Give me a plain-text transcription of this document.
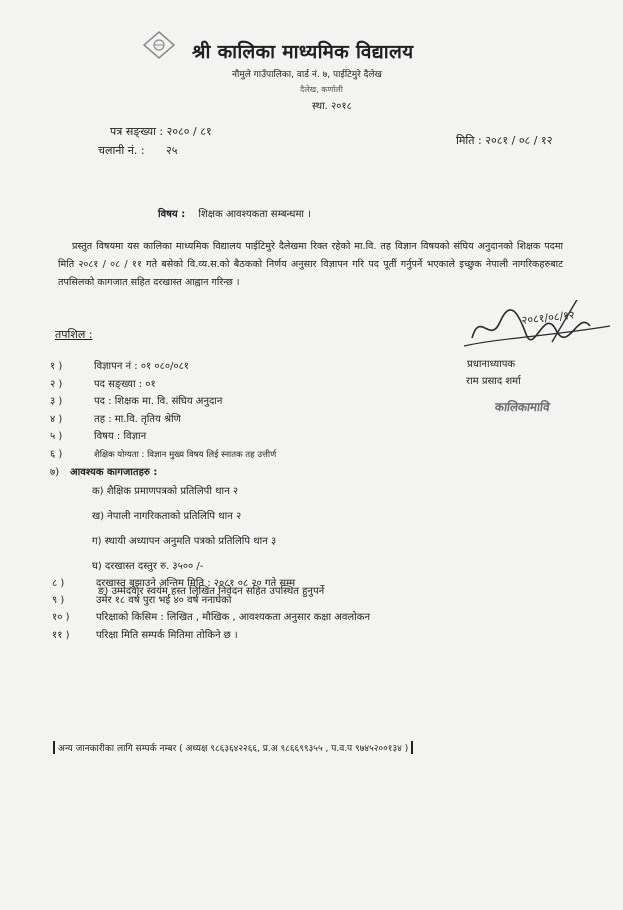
श्री कालिका माध्यमिक विद्यालय
नौमुले गाउँपालिका, वार्ड नं. ७, पाईटिमुरे दैलेख
दैलेख, कर्णाली
स्था. २०१८
पत्र सङ्ख्या : २०८० / ८१
चलानी नं. : २५
मिति : २०८१ / ०८ / १२
विषय : शिक्षक आवश्यकता सम्बन्धमा ।

प्रस्तुत विषयमा यस कालिका माध्यमिक विद्यालय पाईटिमुरे दैलेखमा रिक्त रहेको मा.वि. तह विज्ञान विषयको संघिय अनुदानको शिक्षक पदमा मिति २०८१ / ०८ / ११ गते बसेको वि.व्य.स.को बैठकको निर्णय अनुसार विज्ञापन गरि पद पूर्ती गर्नुपर्ने भएकाले इच्छुक नेपाली नागरिकहरुबाट तपसिलको कागजात सहित दरखास्त आह्वान गरिन्छ ।

तपशिल :
२०८१/०८/१२
प्रधानाध्यापक
राम प्रसाद शर्मा
कालिकामावि
१ )	विज्ञापन नं : ०१ ०८०/०८१
२ )	पद सङ्ख्या : ०१
३ )	पद : शिक्षक मा. वि. संघिय अनुदान
४ )	तह : मा.वि. तृतिय श्रेणि
५ )	विषय : विज्ञान
६ )	शैक्षिक योग्यता : विज्ञान मुख्य विषय लिई स्नातक तह उत्तीर्ण
७) आवश्यक कागजातहरु :
क) शैक्षिक प्रमाणपत्रको प्रतिलिपी थान २
ख) नेपाली नागरिकताको प्रतिलिपि थान २
ग) स्थायी अध्यापन अनुमति पत्रको प्रतिलिपि थान ३
घ) दरखास्त दस्तुर रु. ३५०० /-
ङ) उम्मेदवार स्वयंम हस्त लिखित निवेदन सहित उपस्थित हुनुपर्ने
८ )	दरखास्त बुझाउने अन्तिम मिति : २०८१ ०८ २० गते सम्म
९ )	उमेर १८ वर्ष पुरा भई ४० वर्ष ननाघेको
१० )	परिक्षाको किसिम : लिखित , मौखिक , आवश्यकता अनुसार कक्षा अवलोकन
११ )	परिक्षा मिति सम्पर्क मितिमा तोकिने छ ।
अन्य जानकारीका लागि सम्पर्क नम्बर ( अध्यक्ष ९८६३६४२२६६, प्र.अ ९८६६९९३५५ , प.व.प ९७४५२००१३४ )
